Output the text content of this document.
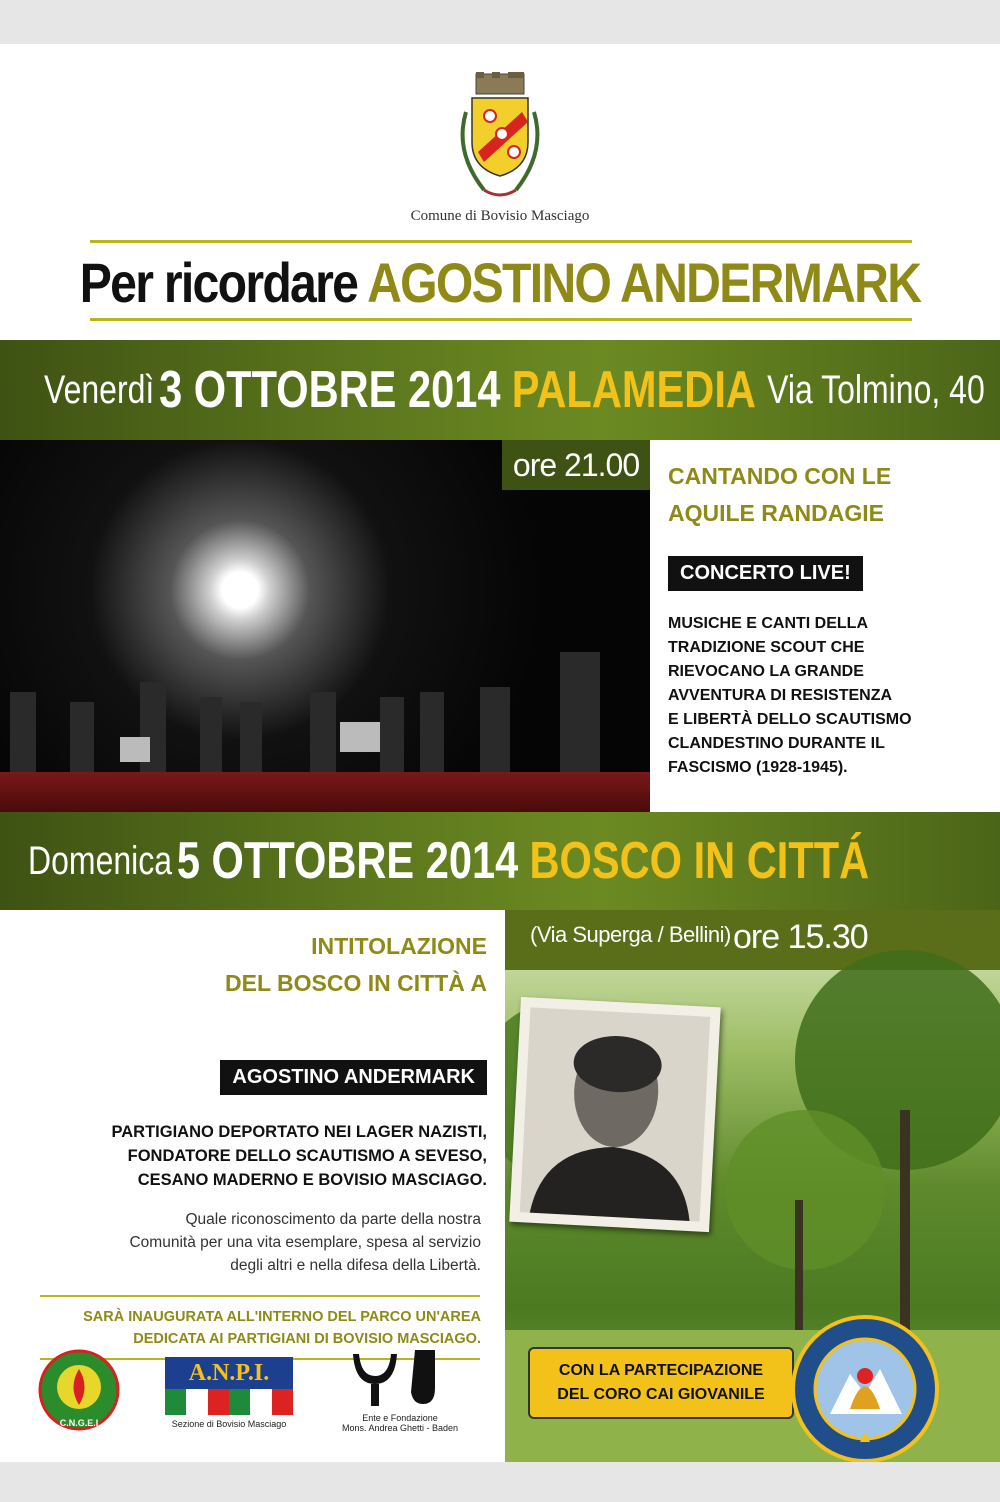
Comune di Bovisio Masciago
Per ricordare AGOSTINO ANDERMARK
Venerdì 3 OTTOBRE 2014 PALAMEDIA Via Tolmino, 40
ore 21.00	CANTANDO CON LE
AQUILE RANDAGIE
CONCERTO LIVE!
MUSICHE E CANTI DELLA
TRADIZIONE SCOUT CHE
RIEVOCANO LA GRANDE
AVVENTURA DI RESISTENZA
E LIBERTÀ DELLO SCAUTISMO
CLANDESTINO DURANTE IL
FASCISMO (1928-1945).
Domenica 5 OTTOBRE 2014 BOSCO IN CITTÁ
(Via Superga / Bellini) ore 15.30
INTITOLAZIONE
DEL BOSCO IN CITTÀ A
AGOSTINO ANDERMARK
PARTIGIANO DEPORTATO NEI LAGER NAZISTI,
FONDATORE DELLO SCAUTISMO A SEVESO,
CESANO MADERNO E BOVISIO MASCIAGO.
Quale riconoscimento da parte della nostra
Comunità per una vita esemplare, spesa al servizio
degli altri e nella difesa della Libertà.
SARÀ INAUGURATA ALL'INTERNO DEL PARCO UN'AREA
DEDICATA AI PARTIGIANI DI BOVISIO MASCIAGO.
CON LA PARTECIPAZIONE
DEL CORO CAI GIOVANILE
C.N.G.E.I
A.N.P.I.
Sezione di Bovisio Masciago
Ente e Fondazione
Mons. Andrea Ghetti - Baden
